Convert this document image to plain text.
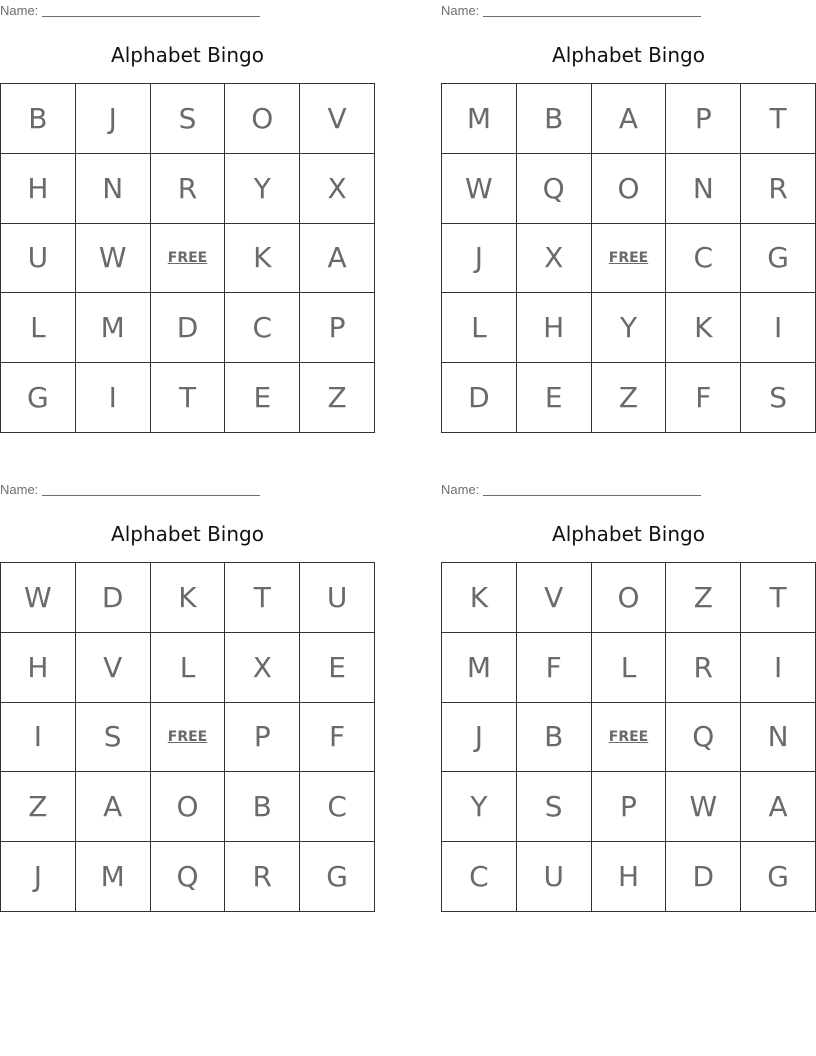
Name:
Alphabet Bingo
B	J	S	O	V
H	N	R	Y	X
U	W	FREE	K	A
L	M	D	C	P
G	I	T	E	Z
Name:
Alphabet Bingo
M	B	A	P	T
W	Q	O	N	R
J	X	FREE	C	G
L	H	Y	K	I
D	E	Z	F	S
Name:
Alphabet Bingo
W	D	K	T	U
H	V	L	X	E
I	S	FREE	P	F
Z	A	O	B	C
J	M	Q	R	G
Name:
Alphabet Bingo
K	V	O	Z	T
M	F	L	R	I
J	B	FREE	Q	N
Y	S	P	W	A
C	U	H	D	G
